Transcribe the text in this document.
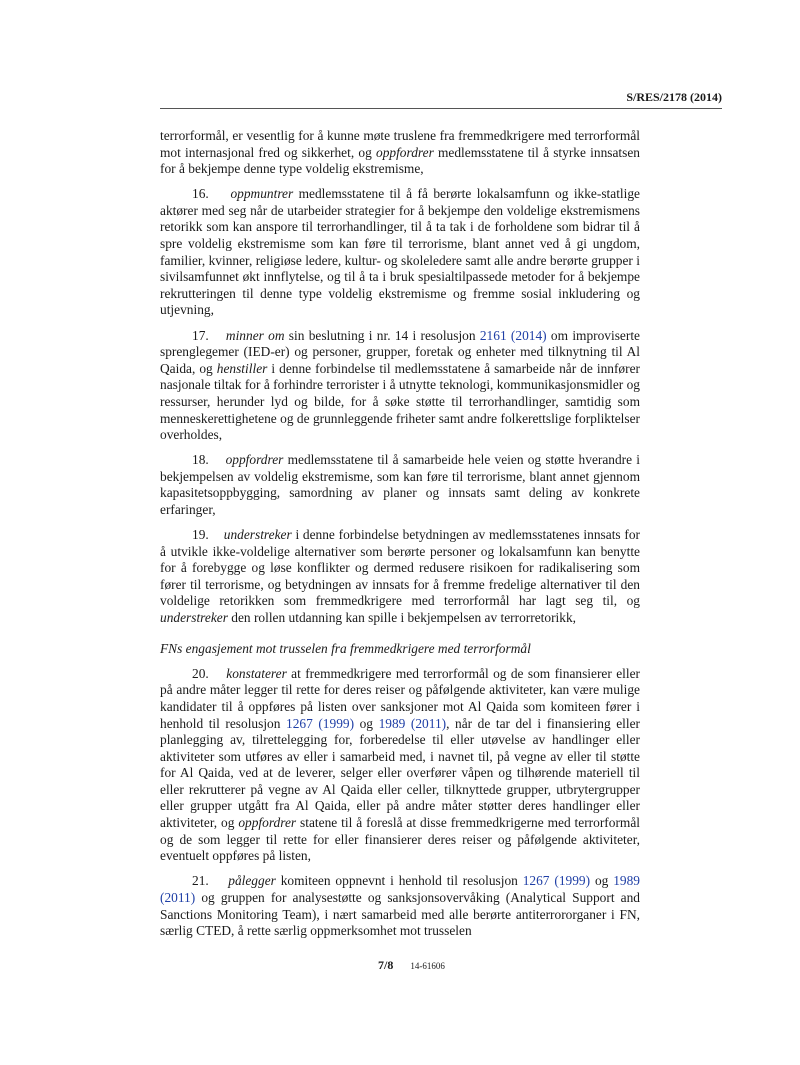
S/RES/2178 (2014)

terrorformål, er vesentlig for å kunne møte truslene fra fremmedkrigere med terrorformål mot internasjonal fred og sikkerhet, og oppfordrer medlemsstatene til å styrke innsatsen for å bekjempe denne type voldelig ekstremisme,

16. oppmuntrer medlemsstatene til å få berørte lokalsamfunn og ikke-statlige aktører med seg når de utarbeider strategier for å bekjempe den voldelige ekstremismens retorikk som kan anspore til terrorhandlinger, til å ta tak i de forholdene som bidrar til å spre voldelig ekstremisme som kan føre til terrorisme, blant annet ved å gi ungdom, familier, kvinner, religiøse ledere, kultur- og skoleledere samt alle andre berørte grupper i sivilsamfunnet økt innflytelse, og til å ta i bruk spesialtilpassede metoder for å bekjempe rekrutteringen til denne type voldelig ekstremisme og fremme sosial inkludering og utjevning,

17. minner om sin beslutning i nr. 14 i resolusjon 2161 (2014) om improviserte sprenglegemer (IED-er) og personer, grupper, foretak og enheter med tilknytning til Al Qaida, og henstiller i denne forbindelse til medlemsstatene å samarbeide når de innfører nasjonale tiltak for å forhindre terrorister i å utnytte teknologi, kommunikasjonsmidler og ressurser, herunder lyd og bilde, for å søke støtte til terrorhandlinger, samtidig som menneskerettighetene og de grunnleggende friheter samt andre folkerettslige forpliktelser overholdes,

18. oppfordrer medlemsstatene til å samarbeide hele veien og støtte hverandre i bekjempelsen av voldelig ekstremisme, som kan føre til terrorisme, blant annet gjennom kapasitetsoppbygging, samordning av planer og innsats samt deling av konkrete erfaringer,

19. understreker i denne forbindelse betydningen av medlemsstatenes innsats for å utvikle ikke-voldelige alternativer som berørte personer og lokalsamfunn kan benytte for å forebygge og løse konflikter og dermed redusere risikoen for radikalisering som fører til terrorisme, og betydningen av innsats for å fremme fredelige alternativer til den voldelige retorikken som fremmedkrigere med terrorformål har lagt seg til, og understreker den rollen utdanning kan spille i bekjempelsen av terrorretorikk,

FNs engasjement mot trusselen fra fremmedkrigere med terrorformål

20. konstaterer at fremmedkrigere med terrorformål og de som finansierer eller på andre måter legger til rette for deres reiser og påfølgende aktiviteter, kan være mulige kandidater til å oppføres på listen over sanksjoner mot Al Qaida som komiteen fører i henhold til resolusjon 1267 (1999) og 1989 (2011), når de tar del i finansiering eller planlegging av, tilrettelegging for, forberedelse til eller utøvelse av handlinger eller aktiviteter som utføres av eller i samarbeid med, i navnet til, på vegne av eller til støtte for Al Qaida, ved at de leverer, selger eller overfører våpen og tilhørende materiell til eller rekrutterer på vegne av Al Qaida eller celler, tilknyttede grupper, utbrytergrupper eller grupper utgått fra Al Qaida, eller på andre måter støtter deres handlinger eller aktiviteter, og oppfordrer statene til å foreslå at disse fremmedkrigerne med terrorformål og de som legger til rette for eller finansierer deres reiser og påfølgende aktiviteter, eventuelt oppføres på listen,

21. pålegger komiteen oppnevnt i henhold til resolusjon 1267 (1999) og 1989 (2011) og gruppen for analysestøtte og sanksjonsovervåking (Analytical Support and Sanctions Monitoring Team), i nært samarbeid med alle berørte antiterrororganer i FN, særlig CTED, å rette særlig oppmerksomhet mot trusselen

7/8 14-61606
